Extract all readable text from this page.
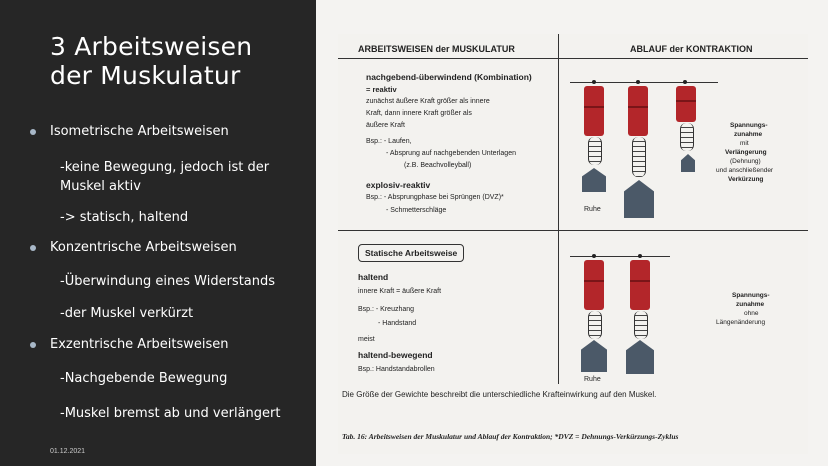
3 Arbeitsweisen
der Muskulatur
Isometrische Arbeitsweisen
-keine Bewegung, jedoch ist der
Muskel aktiv
-> statisch, haltend
Konzentrische Arbeitsweisen
-Überwindung eines Widerstands
-der Muskel verkürzt
Exzentrische Arbeitsweisen
-Nachgebende Bewegung
-Muskel bremst ab und verlängert
01.12.2021
ARBEITSWEISEN der MUSKULATUR	ABLAUF der KONTRAKTION
nachgebend-überwindend (Kombination)
= reaktiv
zunächst äußere Kraft größer als innere
Kraft, dann innere Kraft größer als
äußere Kraft
Bsp.: - Laufen,
- Absprung auf nachgebenden Unterlagen
(z.B. Beachvolleyball)
explosiv-reaktiv
Bsp.: - Absprungphase bei Sprüngen (DVZ)*
- Schmetterschläge	Ruhe
Spannungs-
zunahme
mit
Verlängerung
(Dehnung)
und anschließender
Verkürzung
Statische Arbeitsweise
haltend
innere Kraft = äußere Kraft
Bsp.: - Kreuzhang
- Handstand
meist
haltend-bewegend
Bsp.: Handstandabrollen
Ruhe
Spannungs-
zunahme
ohne
Längenänderung
Die Größe der Gewichte beschreibt die unterschiedliche Krafteinwirkung auf den Muskel.
Tab. 16: Arbeitsweisen der Muskulatur und Ablauf der Kontraktion; *DVZ = Dehnungs-Verkürzungs-Zyklus
